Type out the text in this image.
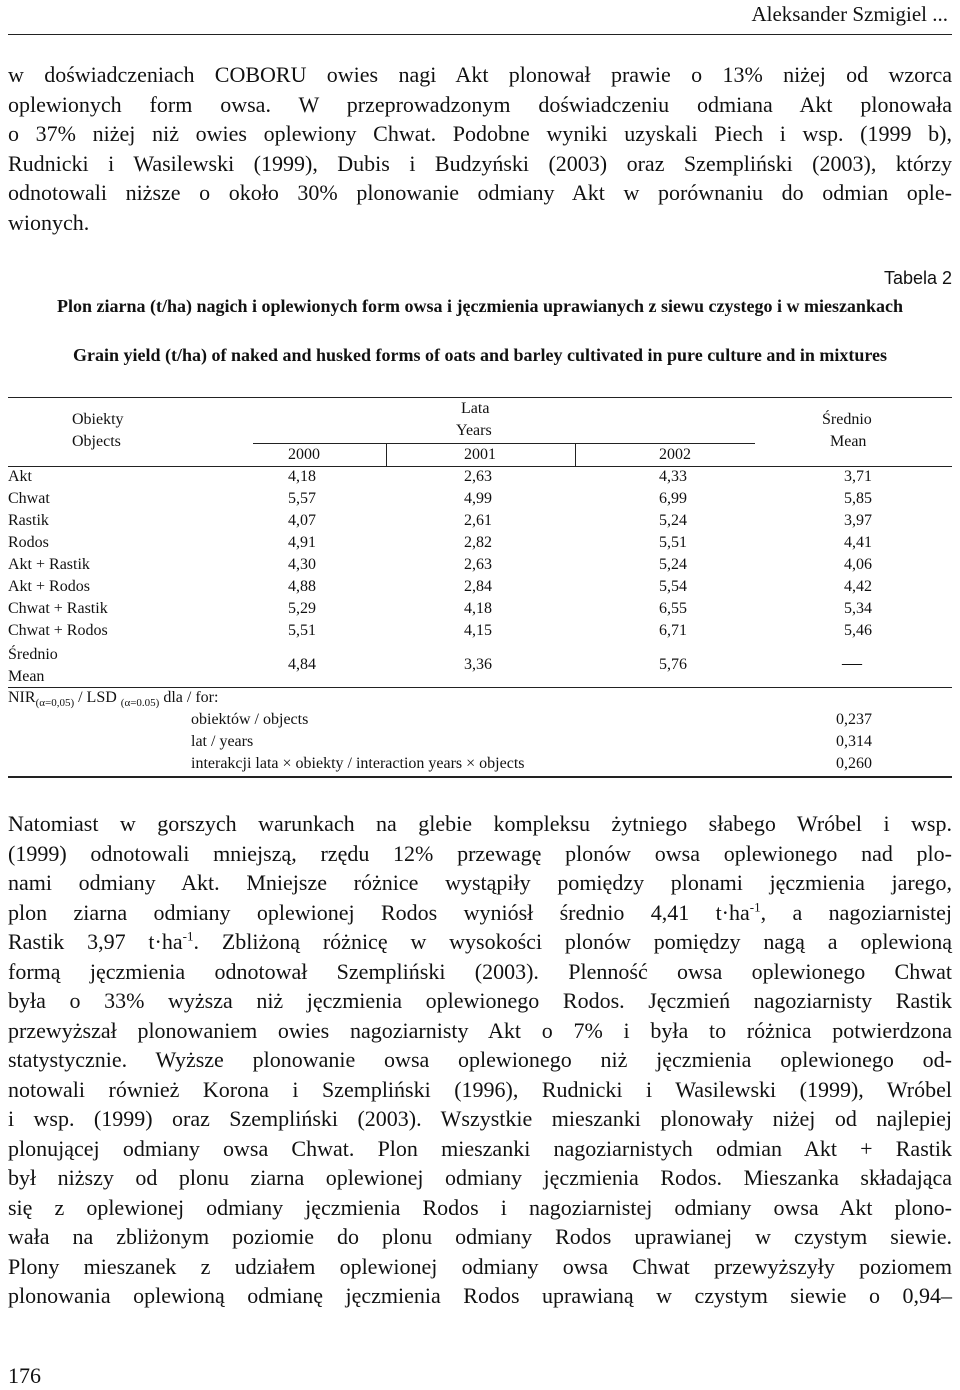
Aleksander Szmigiel ...

w doświadczeniach COBORU owies nagi Akt plonował prawie o 13% niżej od wzorca
oplewionych form owsa. W przeprowadzonym doświadczeniu odmiana Akt plonowała
o 37% niżej niż owies oplewiony Chwat. Podobne wyniki uzyskali Piech i wsp. (1999 b),
Rudnicki i Wasilewski (1999), Dubis i Budzyński (2003) oraz Szempliński (2003), którzy
odnotowali niższe o około 30% plonowanie odmiany Akt w porównaniu do odmian ople-
wionych.

Tabela 2
Plon ziarna (t/ha) nagich i oplewionych form owsa i jęczmienia uprawianych z siewu czystego i w mieszankach
Grain yield (t/ha) of naked and husked forms of oats and barley cultivated in pure culture and in mixtures
Obiekty
Objects
Lata
Years
Średnio
Mean
2000	2001	2002
Akt	4,18	2,63	4,33	3,71
Chwat	5,57	4,99	6,99	5,85
Rastik	4,07	2,61	5,24	3,97
Rodos	4,91	2,82	5,51	4,41
Akt + Rastik	4,30	2,63	5,24	4,06
Akt + Rodos	4,88	2,84	5,54	4,42
Chwat + Rastik	5,29	4,18	6,55	5,34
Chwat + Rodos	5,51	4,15	6,71	5,46
Średnio
Mean
4,84	3,36	5,76	—
$NIR_{(\alpha=0,05)}$ / LSD $_{(\alpha=0.05)}$ dla / for:
obiektów / objects	0,237
lat / years	0,314
interakcji lata × obiekty / interaction years × objects	0,260

Natomiast w gorszych warunkach na glebie kompleksu żytniego słabego Wróbel i wsp.
(1999) odnotowali mniejszą, rzędu 12% przewagę plonów owsa oplewionego nad plo-
nami odmiany Akt. Mniejsze różnice wystąpiły pomiędzy plonami jęczmienia jarego,
plon ziarna odmiany oplewionej Rodos wyniósł średnio 4,41 $t\cdot ha^{-1}$, a nagoziarnistej
Rastik 3,97 $t\cdot ha^{-1}$. Zbliżoną różnicę w wysokości plonów pomiędzy nagą a oplewioną
formą jęczmienia odnotował Szempliński (2003). Plenność owsa oplewionego Chwat
była o 33% wyższa niż jęczmienia oplewionego Rodos. Jęczmień nagoziarnisty Rastik
przewyższał plonowaniem owies nagoziarnisty Akt o 7% i była to różnica potwierdzona
statystycznie. Wyższe plonowanie owsa oplewionego niż jęczmienia oplewionego od-
notowali również Korona i Szempliński (1996), Rudnicki i Wasilewski (1999), Wróbel
i wsp. (1999) oraz Szempliński (2003). Wszystkie mieszanki plonowały niżej od najlepiej
plonującej odmiany owsa Chwat. Plon mieszanki nagoziarnistych odmian Akt + Rastik
był niższy od plonu ziarna oplewionej odmiany jęczmienia Rodos. Mieszanka składająca
się z oplewionej odmiany jęczmienia Rodos i nagoziarnistej odmiany owsa Akt plono-
wała na zbliżonym poziomie do plonu odmiany Rodos uprawianej w czystym siewie.
Plony mieszanek z udziałem oplewionej odmiany owsa Chwat przewyższyły poziomem
plonowania oplewioną odmianę jęczmienia Rodos uprawianą w czystym siewie o 0,94–

176
